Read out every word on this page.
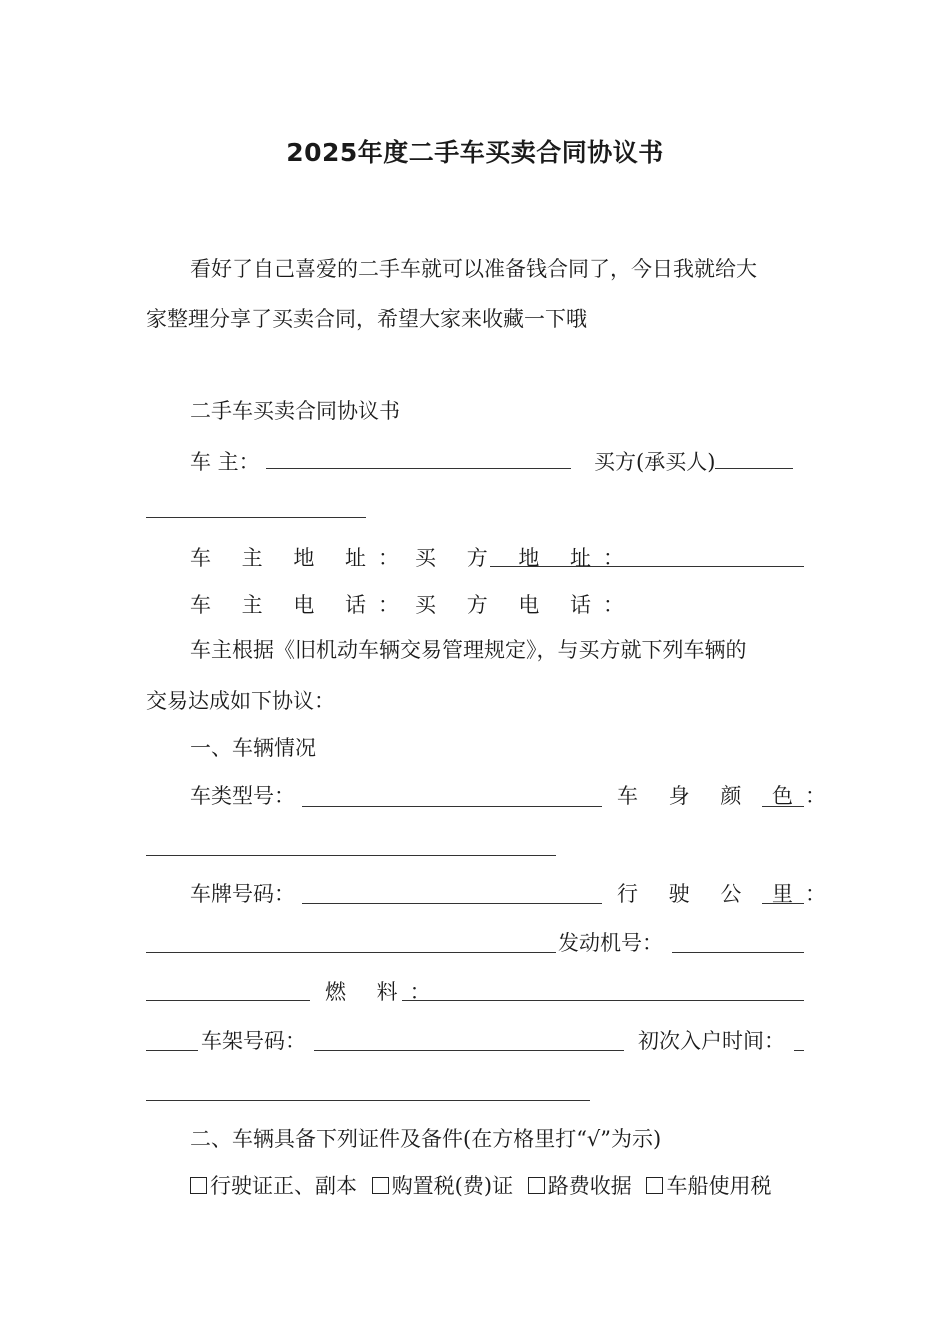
2025年度二手车买卖合同协议书
看好了自己喜爱的二手车就可以准备钱合同了，今日我就给大
家整理分享了买卖合同，希望大家来收藏一下哦
二手车买卖合同协议书
车 主：	买方(承买人)
车 主 地 址： 买 方 地 址：
车 主 电 话： 买 方 电 话：
车主根据《旧机动车辆交易管理规定》，与买方就下列车辆的
交易达成如下协议：
一、车辆情况
车类型号：	车 身 颜 色：
车牌号码：	行 驶 公 里：
发动机号：
燃 料：
车架号码：	初次入户时间：
二、车辆具备下列证件及备件(在方格里打“√”为示)
行驶证正、副本 购置税(费)证 路费收据 车船使用税
